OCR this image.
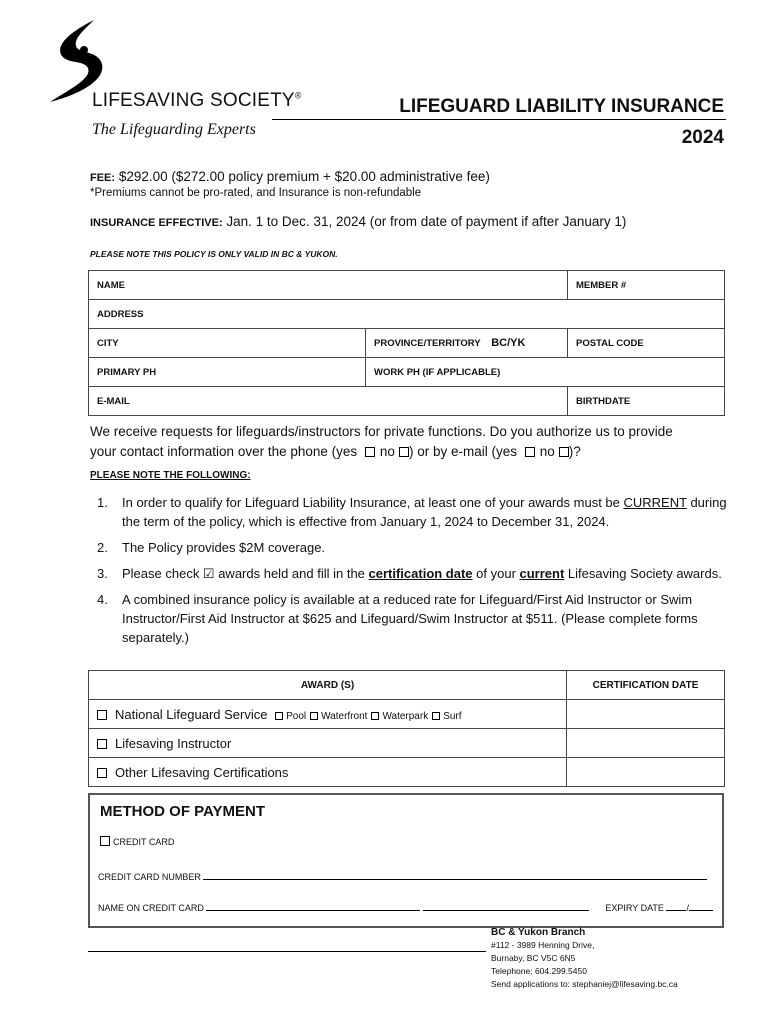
LIFESAVING SOCIETY®
The Lifeguarding Experts
LIFEGUARD LIABILITY INSURANCE
2024
FEE: $292.00 ($272.00 policy premium + $20.00 administrative fee)
*Premiums cannot be pro-rated, and Insurance is non-refundable
INSURANCE EFFECTIVE: Jan. 1 to Dec. 31, 2024 (or from date of payment if after January 1)
PLEASE NOTE THIS POLICY IS ONLY VALID IN BC & YUKON.
NAME		MEMBER #
ADDRESS		
CITY	PROVINCE/TERRITORY BC/YK	POSTAL CODE
PRIMARY PH	WORK PH (IF APPLICABLE)	
E-MAIL		BIRTHDATE
We receive requests for lifeguards/instructors for private functions. Do you authorize us to provide
your contact information over the phone (yes no ) or by e-mail (yes no )?
PLEASE NOTE THE FOLLOWING:
1.	In order to qualify for Lifeguard Liability Insurance, at least one of your awards must be CURRENT during the term of the policy, which is effective from January 1, 2024 to December 31, 2024.
2.	The Policy provides $2M coverage.
3.	Please check ☑ awards held and fill in the certification date of your current Lifesaving Society awards.
4.	A combined insurance policy is available at a reduced rate for Lifeguard/First Aid Instructor or Swim Instructor/First Aid Instructor at $625 and Lifeguard/Swim Instructor at $511. (Please complete forms separately.)
AWARD (S)	CERTIFICATION DATE
National Lifeguard Service Pool Waterfront Waterpark Surf	
Lifesaving Instructor	
Other Lifesaving Certifications	
METHOD OF PAYMENT
CREDIT CARD
CREDIT CARD NUMBER
NAME ON CREDIT CARD	EXPIRY DATE	/
BC & Yukon Branch
#112 - 3989 Henning Drive,
Burnaby, BC V5C 6N5
Telephone: 604.299.5450
Send applications to: stephaniej@lifesaving.bc.ca
